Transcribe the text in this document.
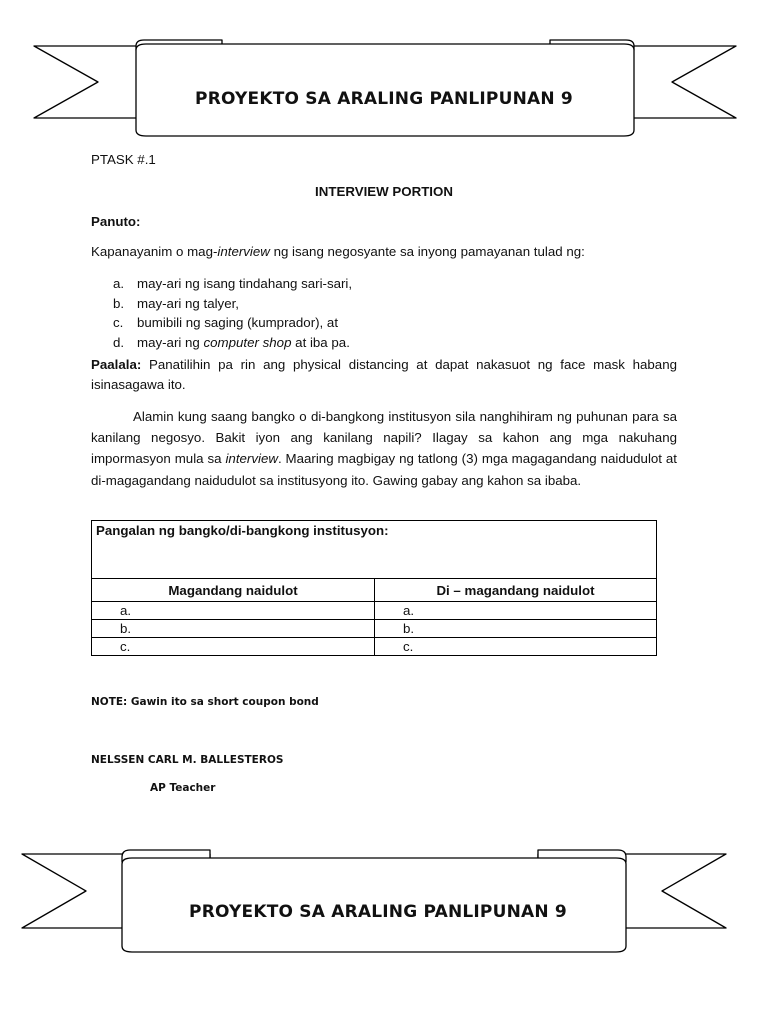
PROYEKTO SA ARALING PANLIPUNAN 9
PTASK #.1
INTERVIEW PORTION
Panuto:
Kapanayanim o mag-interview ng isang negosyante sa inyong pamayanan tulad ng:
a. may-ari ng isang tindahang sari-sari,
b. may-ari ng talyer,
c. bumibili ng saging (kumprador), at
d. may-ari ng computer shop at iba pa.
Paalala: Panatilihin pa rin ang physical distancing at dapat nakasuot ng face mask habang isinasagawa ito.
Alamin kung saang bangko o di-bangkong institusyon sila nanghihiram ng puhunan para sa kanilang negosyo. Bakit iyon ang kanilang napili? Ilagay sa kahon ang mga nakuhang impormasyon mula sa interview. Maaring magbigay ng tatlong (3) mga magagandang naidudulot at di-magagandang naidudulot sa institusyong ito. Gawing gabay ang kahon sa ibaba.
Pangalan ng bangko/di-bangkong institusyon:	
Magandang naidulot	Di – magandang naidulot
a.	a.
b.	b.
c.	c.
NOTE: Gawin ito sa short coupon bond
NELSSEN CARL M. BALLESTEROS
AP Teacher
PROYEKTO SA ARALING PANLIPUNAN 9
